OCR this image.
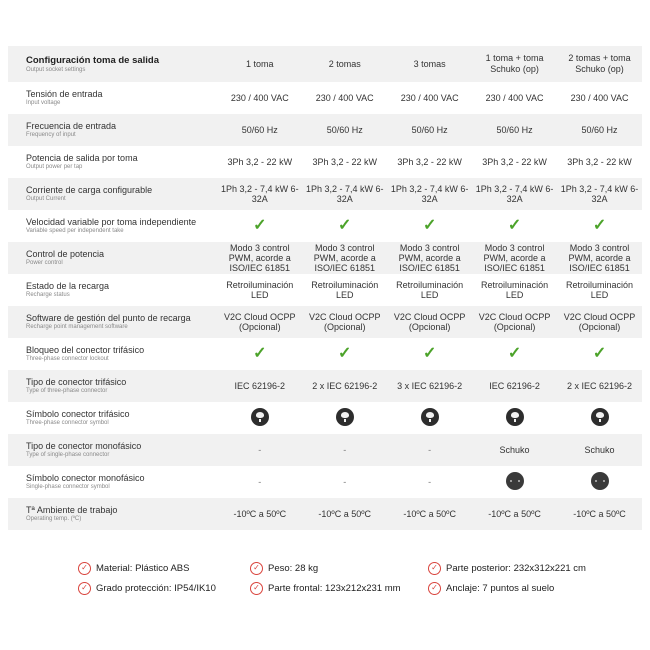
Configuración toma de salida
Output socket settings	1 toma	2 tomas	3 tomas	1 toma + toma Schuko (op)	2 tomas + toma Schuko (op)

Tensión de entrada
Input voltage	230 / 400 VAC	230 / 400 VAC	230 / 400 VAC	230 / 400 VAC	230 / 400 VAC

Frecuencia de entrada
Frequency of input	50/60 Hz	50/60 Hz	50/60 Hz	50/60 Hz	50/60 Hz

Potencia de salida por toma
Output power per tap	3Ph 3,2 - 22 kW	3Ph 3,2 - 22 kW	3Ph 3,2 - 22 kW	3Ph 3,2 - 22 kW	3Ph 3,2 - 22 kW

Corriente de carga configurable
Output Current	1Ph 3,2 - 7,4 kW 6-32A	1Ph 3,2 - 7,4 kW 6-32A	1Ph 3,2 - 7,4 kW 6-32A	1Ph 3,2 - 7,4 kW 6-32A	1Ph 3,2 - 7,4 kW 6-32A

Velocidad variable por toma independiente
Variable speed per independent take	✓	✓	✓	✓	✓

Control de potencia
Power control	Modo 3 control PWM, acorde a ISO/IEC 61851	Modo 3 control PWM, acorde a ISO/IEC 61851	Modo 3 control PWM, acorde a ISO/IEC 61851	Modo 3 control PWM, acorde a ISO/IEC 61851	Modo 3 control PWM, acorde a ISO/IEC 61851

Estado de la recarga
Recharge status	Retroiluminación LED	Retroiluminación LED	Retroiluminación LED	Retroiluminación LED	Retroiluminación LED

Software de gestión del punto de recarga
Recharge point management software	V2C Cloud OCPP (Opcional)	V2C Cloud OCPP (Opcional)	V2C Cloud OCPP (Opcional)	V2C Cloud OCPP (Opcional)	V2C Cloud OCPP (Opcional)

Bloqueo del conector trifásico
Three-phase connector lockout	✓	✓	✓	✓	✓

Tipo de conector trifásico
Type of three-phase connector	IEC 62196-2	2 x IEC 62196-2	3 x IEC 62196-2	IEC 62196-2	2 x IEC 62196-2

Símbolo conector trifásico
Three-phase connector symbol					

Tipo de conector monofásico
Type of single-phase connector	-	-	-	Schuko	Schuko

Símbolo conector monofásico
Single-phase connector symbol	-	-	-		

Tª Ambiente de trabajo
Operating temp. (ºC)	-10ºC a 50ºC	-10ºC a 50ºC	-10ºC a 50ºC	-10ºC a 50ºC	-10ºC a 50ºC
✓ Material: Plástico ABS	✓ Peso: 28 kg	✓ Parte posterior: 232x312x221 cm
✓ Grado protección: IP54/IK10	✓ Parte frontal: 123x212x231 mm	✓ Anclaje: 7 puntos al suelo
